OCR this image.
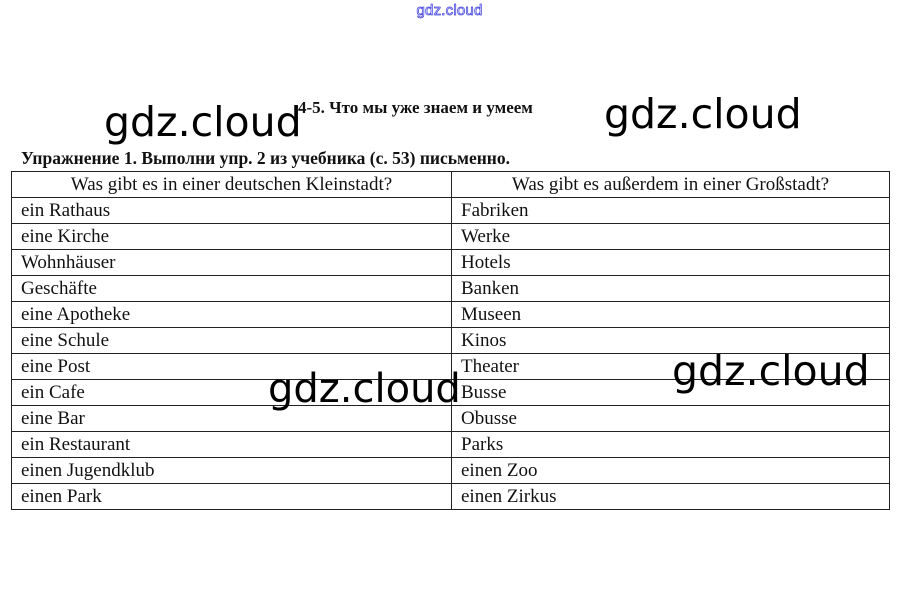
gdz.cloud
4-5. Что мы уже знаем и умеем
Упражнение 1. Выполни упр. 2 из учебника (с. 53) письменно.
Was gibt es in einer deutschen Kleinstadt?	Was gibt es außerdem in einer Großstadt?
ein Rathaus	Fabriken
eine Kirche	Werke
Wohnhäuser	Hotels
Geschäfte	Banken
eine Apotheke	Museen
eine Schule	Kinos
eine Post	Theater
ein Cafe	Busse
eine Bar	Obusse
ein Restaurant	Parks
einen Jugendklub	einen Zoo
einen Park	einen Zirkus
gdz.cloud	gdz.cloud
gdz.cloud
gdz.cloud
